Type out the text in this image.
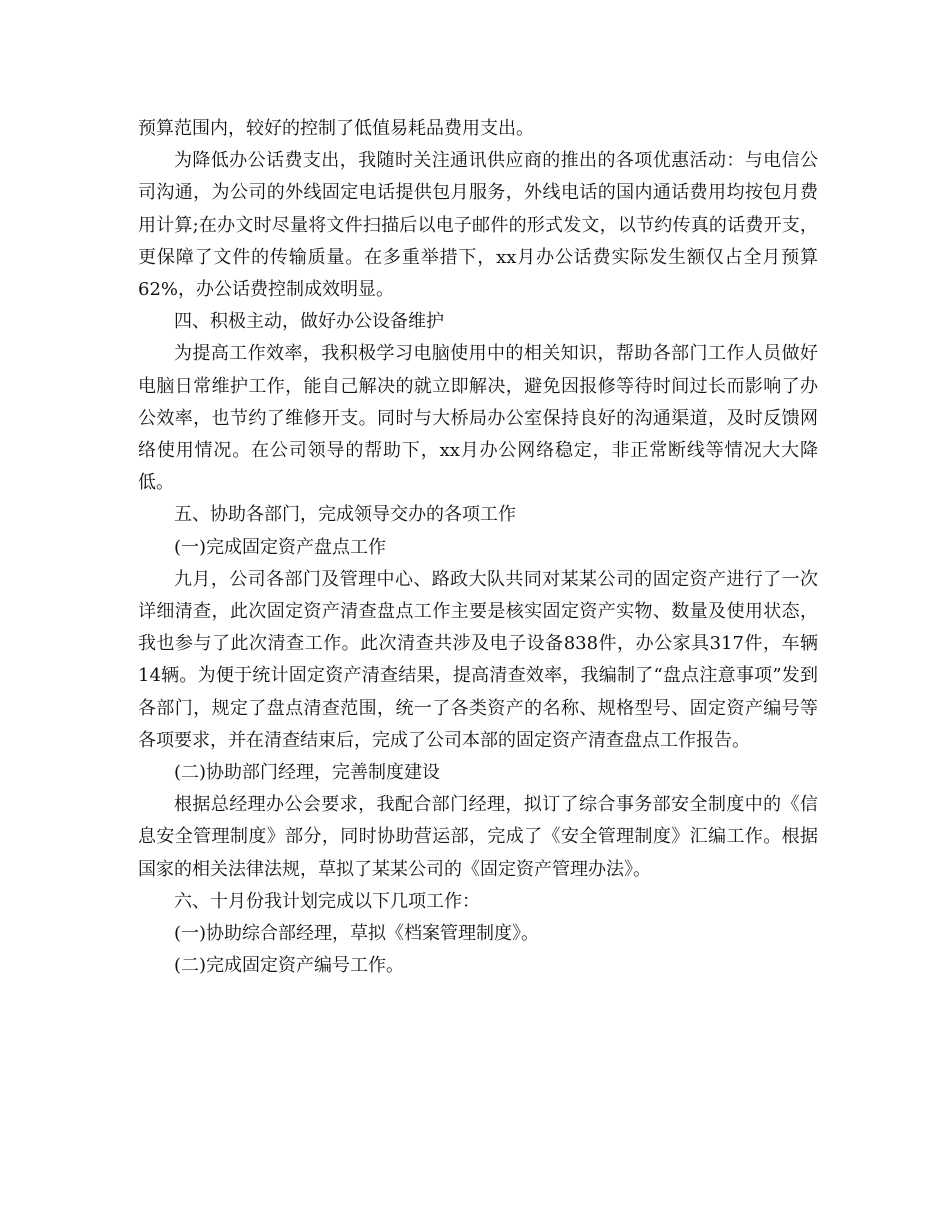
预算范围内，较好的控制了低值易耗品费用支出。

为降低办公话费支出，我随时关注通讯供应商的推出的各项优惠活动：与电信公司沟通，为公司的外线固定电话提供包月服务，外线电话的国内通话费用均按包月费用计算;在办文时尽量将文件扫描后以电子邮件的形式发文，以节约传真的话费开支，更保障了文件的传输质量。在多重举措下，xx月办公话费实际发生额仅占全月预算62%，办公话费控制成效明显。

四、积极主动，做好办公设备维护

为提高工作效率，我积极学习电脑使用中的相关知识，帮助各部门工作人员做好电脑日常维护工作，能自己解决的就立即解决，避免因报修等待时间过长而影响了办公效率，也节约了维修开支。同时与大桥局办公室保持良好的沟通渠道，及时反馈网络使用情况。在公司领导的帮助下，xx月办公网络稳定，非正常断线等情况大大降低。

五、协助各部门，完成领导交办的各项工作

(一)完成固定资产盘点工作

九月，公司各部门及管理中心、路政大队共同对某某公司的固定资产进行了一次详细清查，此次固定资产清查盘点工作主要是核实固定资产实物、数量及使用状态，我也参与了此次清查工作。此次清查共涉及电子设备838件，办公家具317件，车辆14辆。为便于统计固定资产清查结果，提高清查效率，我编制了“盘点注意事项”发到各部门，规定了盘点清查范围，统一了各类资产的名称、规格型号、固定资产编号等各项要求，并在清查结束后，完成了公司本部的固定资产清查盘点工作报告。

(二)协助部门经理，完善制度建设

根据总经理办公会要求，我配合部门经理，拟订了综合事务部安全制度中的《信息安全管理制度》部分，同时协助营运部，完成了《安全管理制度》汇编工作。根据国家的相关法律法规，草拟了某某公司的《固定资产管理办法》。

六、十月份我计划完成以下几项工作：

(一)协助综合部经理，草拟《档案管理制度》。

(二)完成固定资产编号工作。
